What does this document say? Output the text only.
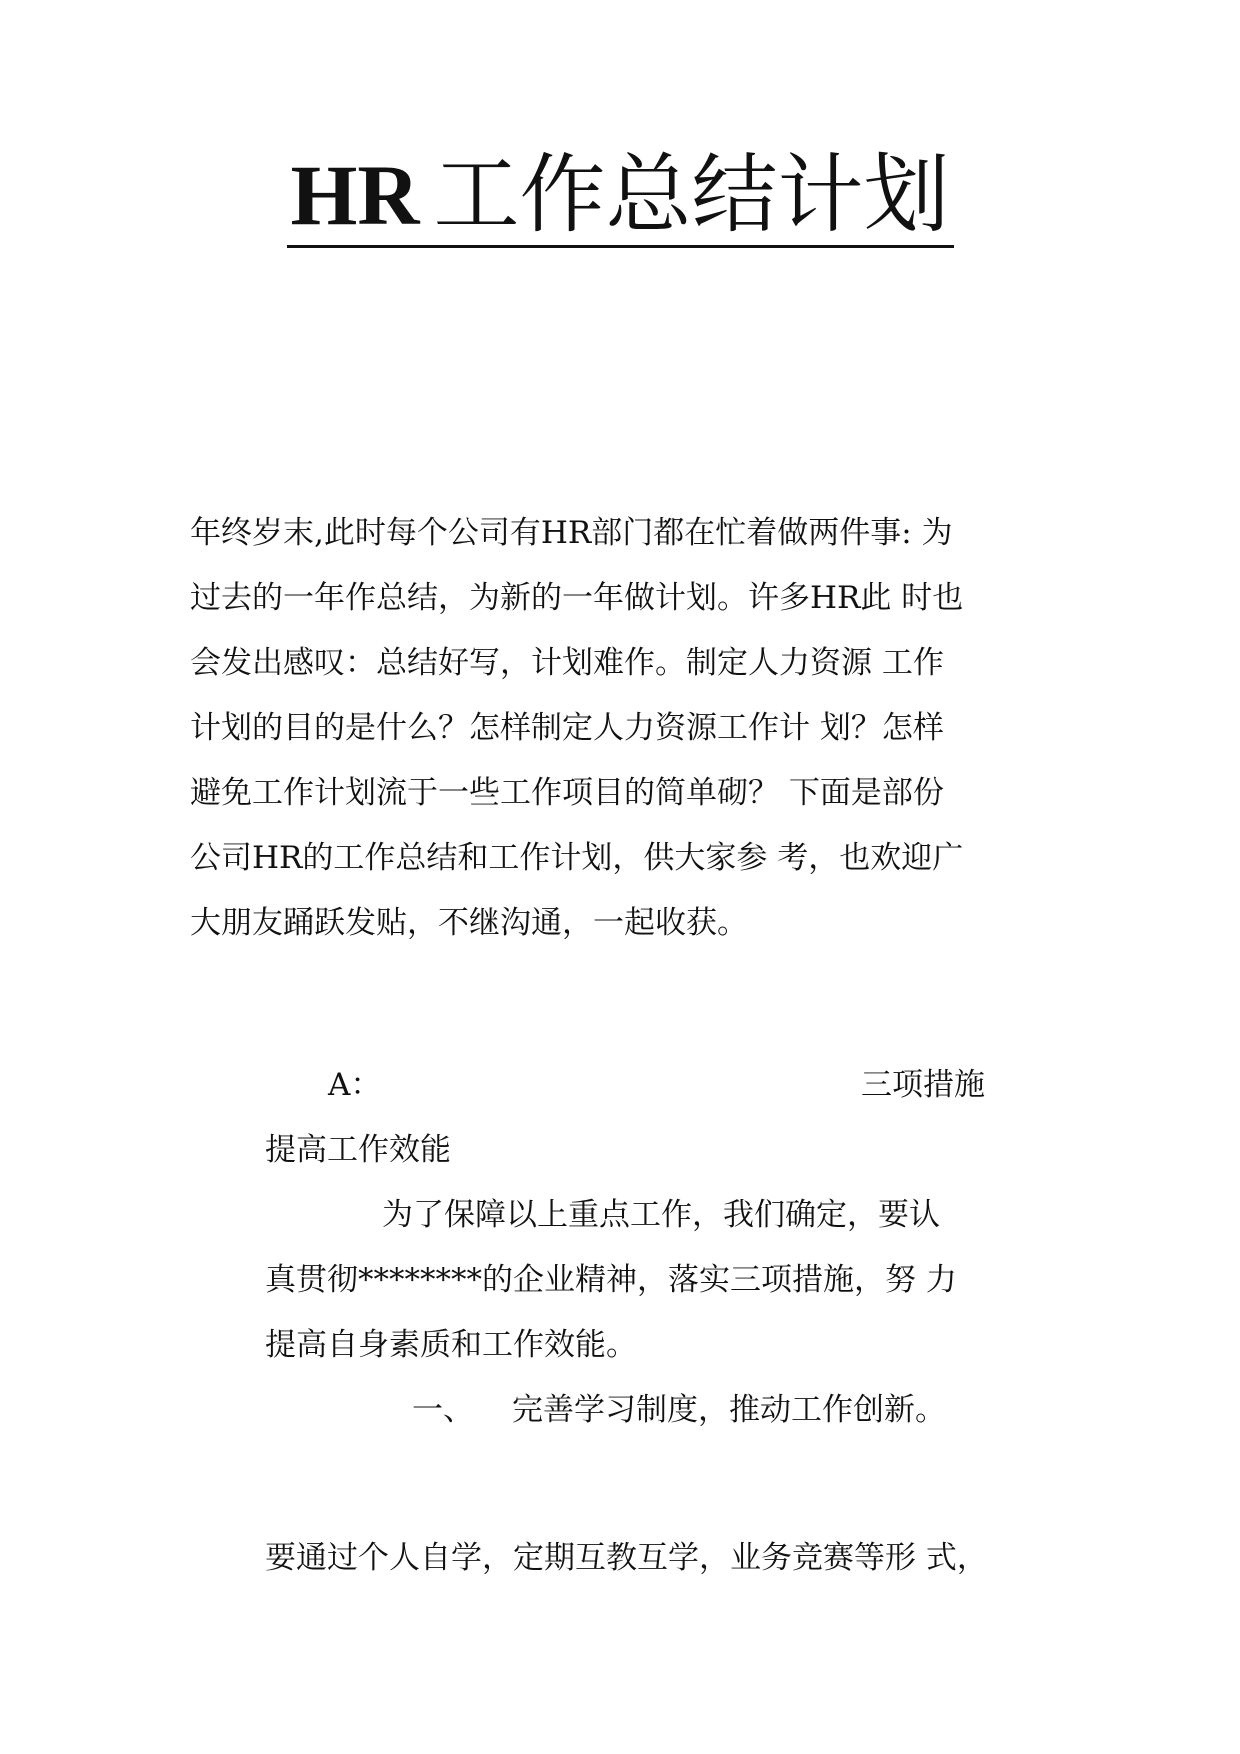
HR 工作总结计划
年终岁末,此时每个公司有HR部门都在忙着做两件事: 为
过去的一年作总结，为新的一年做计划。许多HR此 时也
会发出感叹：总结好写，计划难作。制定人力资源 工作
计划的目的是什么？怎样制定人力资源工作计 划？怎样
避免工作计划流于一些工作项目的简单砌？ 下面是部份
公司HR的工作总结和工作计划，供大家参 考，也欢迎广
大朋友踊跃发贴，不继沟通，一起收获。
A：	三项措施
提高工作效能
为了保障以上重点工作，我们确定，要认
真贯彻********的企业精神，落实三项措施，努 力
提高自身素质和工作效能。
一、 完善学习制度，推动工作创新。
要通过个人自学，定期互教互学，业务竞赛等形 式，
